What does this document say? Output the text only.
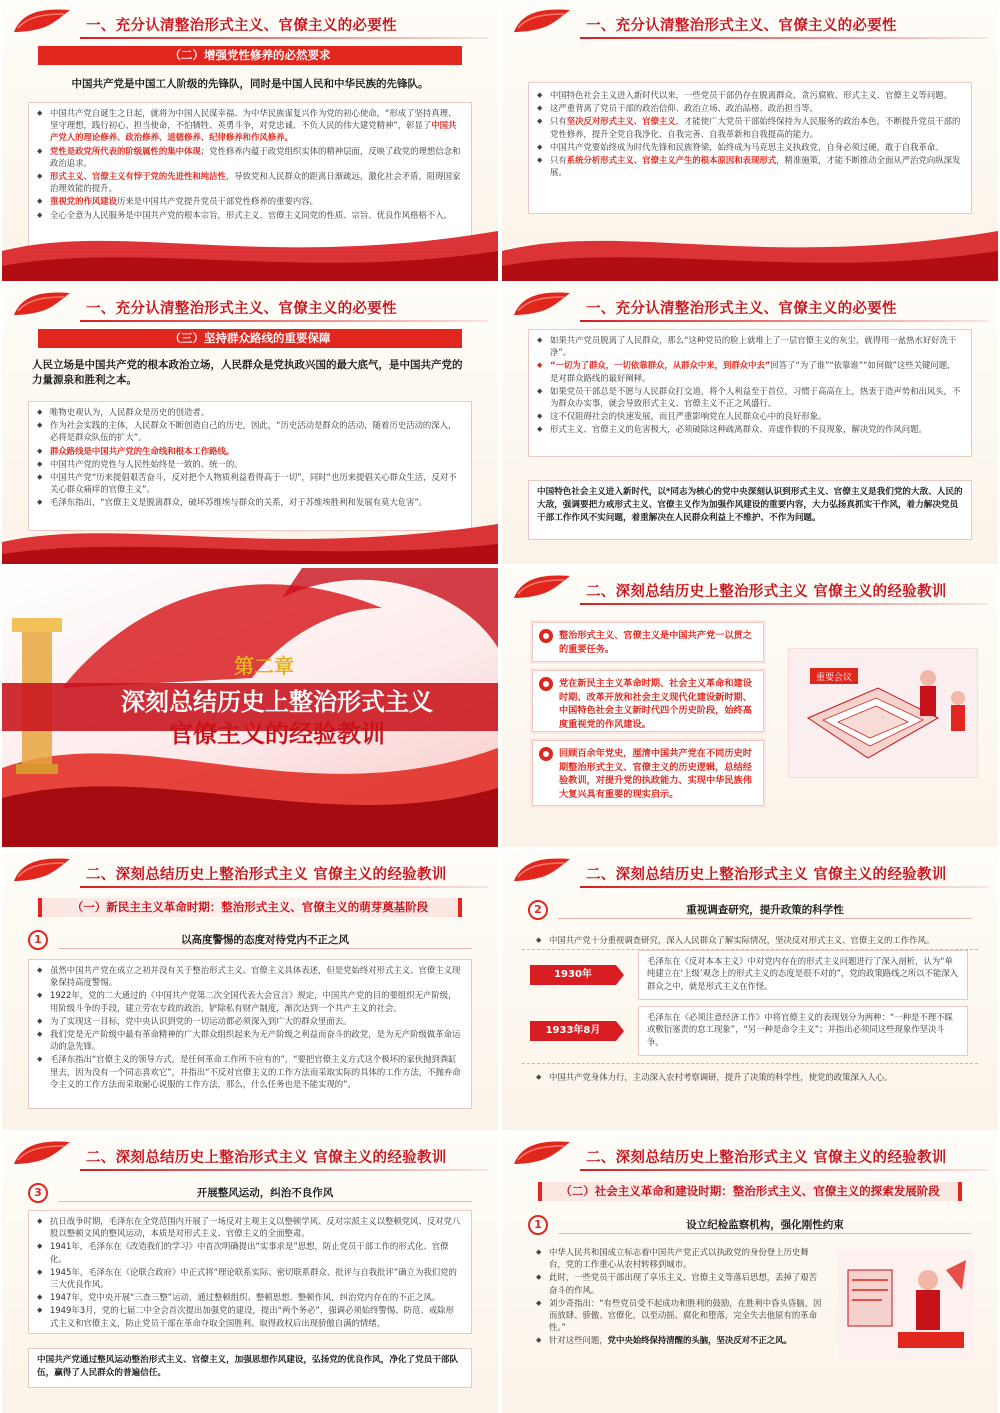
一、充分认清整治形式主义、官僚主义的必要性
（二）增强党性修养的必然要求
中国共产党是中国工人阶级的先锋队，同时是中国人民和中华民族的先锋队。
◆ 中国共产党自诞生之日起，就将为中国人民谋幸福、为中华民族谋复兴作为党的初心使命，“形成了坚持真理、坚守理想，践行初心、担当使命，不怕牺牲、英勇斗争，对党忠诚、不负人民的伟大建党精神”，彰显了中国共产党人的理论修养、政治修养、道德修养、纪律修养和作风修养。
◆ 党性是政党所代表的阶级属性的集中体现；党性修养内蕴于政党组织实体的精神层面，反映了政党的理想信念和政治追求。
◆ 形式主义、官僚主义有悖于党的先进性和纯洁性，导致党和人民群众的距离日渐疏远，激化社会矛盾，阻碍国家治理效能的提升。
◆ 重视党的作风建设历来是中国共产党提升党员干部党性修养的重要内容。
◆ 全心全意为人民服务是中国共产党的根本宗旨，形式主义、官僚主义同党的性质、宗旨、优良作风格格不入。
一、充分认清整治形式主义、官僚主义的必要性
◆ 中国特色社会主义进入新时代以来，一些党员干部仍存在脱离群众、贪污腐败、形式主义、官僚主义等问题。
◆ 这严重背离了党员干部的政治信仰、政治立场、政治品格、政治担当等。
◆ 只有坚决反对形式主义、官僚主义，才能使广大党员干部始终保持为人民服务的政治本色，不断提升党员干部的党性修养，提升全党自我净化、自我完善、自我革新和自我提高的能力。
◆ 中国共产党要始终成为时代先锋和民族脊梁，始终成为马克思主义执政党，自身必须过硬，敢于自我革命。
◆ 只有系统分析形式主义、官僚主义产生的根本原因和表现形式，精准施策，才能不断推动全面从严治党向纵深发展。
一、充分认清整治形式主义、官僚主义的必要性
（三）坚持群众路线的重要保障
人民立场是中国共产党的根本政治立场，人民群众是党执政兴国的最大底气，是中国共产党的力量源泉和胜利之本。
◆ 唯物史观认为，人民群众是历史的创造者。
◆ 作为社会实践的主体，人民群众不断创造自己的历史，因此，“历史活动是群众的活动，随着历史活动的深入，必将是群众队伍的扩大”。
◆ 群众路线是中国共产党的生命线和根本工作路线。
◆ 中国共产党的党性与人民性始终是一致的、统一的。
◆ 中国共产党“历来提倡艰苦奋斗，反对把个人物质利益看得高于一切”，同时“也历来提倡关心群众生活，反对不关心群众痛痒的官僚主义”。
◆ 毛泽东指出，“官僚主义是脱离群众，破坏苏维埃与群众的关系，对于苏维埃胜利和发展有莫大危害”。
一、充分认清整治形式主义、官僚主义的必要性
◆ 如果共产党员脱离了人民群众，那么“这种党员的脸上就堆上了一层官僚主义的灰尘，就得用一盆热水好好洗干净”。
◆ “一切为了群众，一切依靠群众，从群众中来，到群众中去”回答了“为了谁”“依靠谁”“如何做”这些关键问题，是对群众路线的最好阐释。
◆ 如果党员干部总是不愿与人民群众打交道，将个人利益至于首位，习惯于高高在上，热衷于造声势和出风头，不为群众办实事，就会导致形式主义、官僚主义不正之风盛行。
◆ 这不仅阻碍社会的快速发展，而且严重影响党在人民群众心中的良好形象。
◆ 形式主义、官僚主义的危害极大，必须破除这种疏离群众、弄虚作假的不良现象，解决党的作风问题。
中国特色社会主义进入新时代，以*同志为核心的党中央深刻认识到形式主义、官僚主义是我们党的大敌、人民的大敌，强调要把力戒形式主义、官僚主义作为加强作风建设的重要内容，大力弘扬真抓实干作风，着力解决党员干部工作作风不实问题，着重解决在人民群众利益上不维护、不作为问题。
第二章
深刻总结历史上整治形式主义
官僚主义的经验教训
二、深刻总结历史上整治形式主义 官僚主义的经验教训
整治形式主义、官僚主义是中国共产党一以贯之的重要任务。
党在新民主主义革命时期、社会主义革命和建设时期、改革开放和社会主义现代化建设新时期、中国特色社会主义新时代四个历史阶段，始终高度重视党的作风建设。
回顾百余年党史，厘清中国共产党在不同历史时期整治形式主义、官僚主义的历史逻辑，总结经验教训，对提升党的执政能力、实现中华民族伟大复兴具有重要的现实启示。
重要会议
二、深刻总结历史上整治形式主义 官僚主义的经验教训
（一）新民主主义革命时期：整治形式主义、官僚主义的萌芽奠基阶段
1	以高度警惕的态度对待党内不正之风
◆ 虽然中国共产党在成立之初并没有关于整治形式主义、官僚主义具体表述，但是党始终对形式主义、官僚主义现象保持高度警惕。
◆ 1922年，党的二大通过的《中国共产党第二次全国代表大会宣言》规定，中国共产党的目的要组织无产阶级，用阶级斗争的手段，建立劳农专政的政治，铲除私有财产制度，渐次达到一个共产主义的社会。
◆ 为了实现这一目标，党中央认识到党的一切运动都必须深入到广大的群众里面去。
◆ 我们党是无产阶级中最有革命精神的广大群众组织起来为无产阶级之利益而奋斗的政党，是为无产阶级做革命运动的急先锋。
◆ 毛泽东指出“官僚主义的领导方式，是任何革命工作所不应有的”，“要把官僚主义方式这个极坏的家伙抛到粪缸里去，因为没有一个同志喜欢它”，并指出“不反对官僚主义的工作方法而采取实际的具体的工作方法，不抛弃命令主义的工作方法而采取耐心说服的工作方法，那么，什么任务也是不能实现的”。
二、深刻总结历史上整治形式主义 官僚主义的经验教训
2	重视调查研究，提升政策的科学性
◆ 中国共产党十分重视调查研究，深入人民群众了解实际情况，坚决反对形式主义、官僚主义的工作作风。
1930年
毛泽东在《反对本本主义》中对党内存在的形式主义问题进行了深入剖析，认为“单纯建立在‘上级’观念上的形式主义的态度是很不对的”，党的政策路线之所以不能深入群众之中，就是形式主义在作怪。
1933年8月
毛泽东在《必须注意经济工作》中将官僚主义的表现划分为两种：“一种是不理不睬或敷衍塞责的怠工现象”，“另一种是命令主义”；并指出必须同这些现象作坚决斗争。
◆ 中国共产党身体力行，主动深入农村考察调研，提升了决策的科学性，使党的政策深入人心。
二、深刻总结历史上整治形式主义 官僚主义的经验教训
3	开展整风运动，纠治不良作风
◆ 抗日战争时期，毛泽东在全党范围内开展了一场反对主观主义以整顿学风、反对宗派主义以整顿党风、反对党八股以整顿文风的整风运动，本质是对形式主义、官僚主义的全面整肃。
◆ 1941年，毛泽东在《改造我们的学习》中首次明确提出“实事求是”思想，防止党员干部工作的形式化、官僚化。
◆ 1945年，毛泽东在《论联合政府》中正式将“理论联系实际、密切联系群众、批评与自我批评”确立为我们党的三大优良作风。
◆ 1947年，党中央开展“三查三整”运动，通过整顿组织、整顿思想、整顿作风，纠治党内存在的不正之风。
◆ 1949年3月，党的七届二中全会首次提出加强党的建设，提出“两个务必”，强调必须始终警惕、防范、戒除形式主义和官僚主义，防止党员干部在革命夺取全国胜利、取得政权后出现骄傲自满的情绪。
中国共产党通过整风运动整治形式主义、官僚主义，加强思想作风建设，弘扬党的优良作风，净化了党员干部队伍，赢得了人民群众的普遍信任。
二、深刻总结历史上整治形式主义 官僚主义的经验教训
（二）社会主义革命和建设时期：整治形式主义、官僚主义的探索发展阶段
1	设立纪检监察机构，强化刚性约束
◆ 中华人民共和国成立标志着中国共产党正式以执政党的身份登上历史舞台，党的工作重心从农村转移到城市。
◆ 此时，一些党员干部出现了享乐主义、官僚主义等落后思想，丢掉了艰苦奋斗的作风。
◆ 刘少奇指出：“有些党员受不起成功和胜利的鼓励，在胜利中昏头昏脑，因而放肆、骄傲、官僚化，以至动摇、腐化和堕落，完全失去他原有的革命性。”
◆ 针对这些问题，党中央始终保持清醒的头脑，坚决反对不正之风。
